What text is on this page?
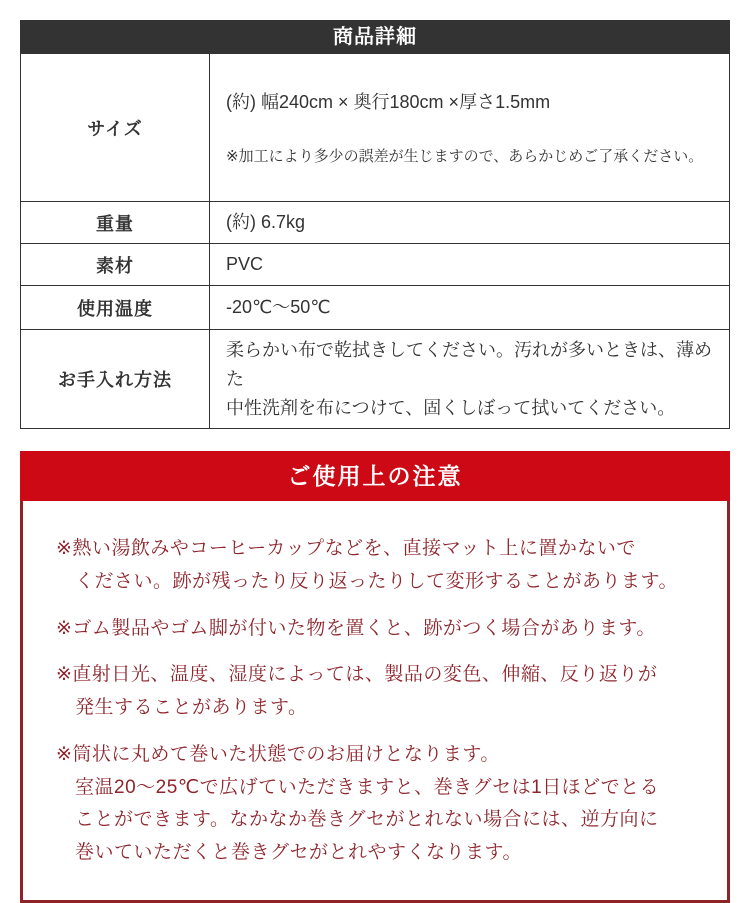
商品詳細
サイズ	(約) 幅240cm × 奥行180cm ×厚さ1.5mm

※加工により多少の誤差が生じますので、あらかじめご了承ください。

重量	(約) 6.7kg
素材	PVC
使用温度	-20℃〜50℃
お手入れ方法	柔らかい布で乾拭きしてください。汚れが多いときは、薄めた
中性洗剤を布につけて、固くしぼって拭いてください。
ご使用上の注意

※熱い湯飲みやコーヒーカップなどを、直接マット上に置かないで
ください。跡が残ったり反り返ったりして変形することがあります。

※ゴム製品やゴム脚が付いた物を置くと、跡がつく場合があります。

※直射日光、温度、湿度によっては、製品の変色、伸縮、反り返りが
発生することがあります。

※筒状に丸めて巻いた状態でのお届けとなります。
室温20〜25℃で広げていただきますと、巻きグセは1日ほどでとる
ことができます。なかなか巻きグセがとれない場合には、逆方向に
巻いていただくと巻きグセがとれやすくなります。
